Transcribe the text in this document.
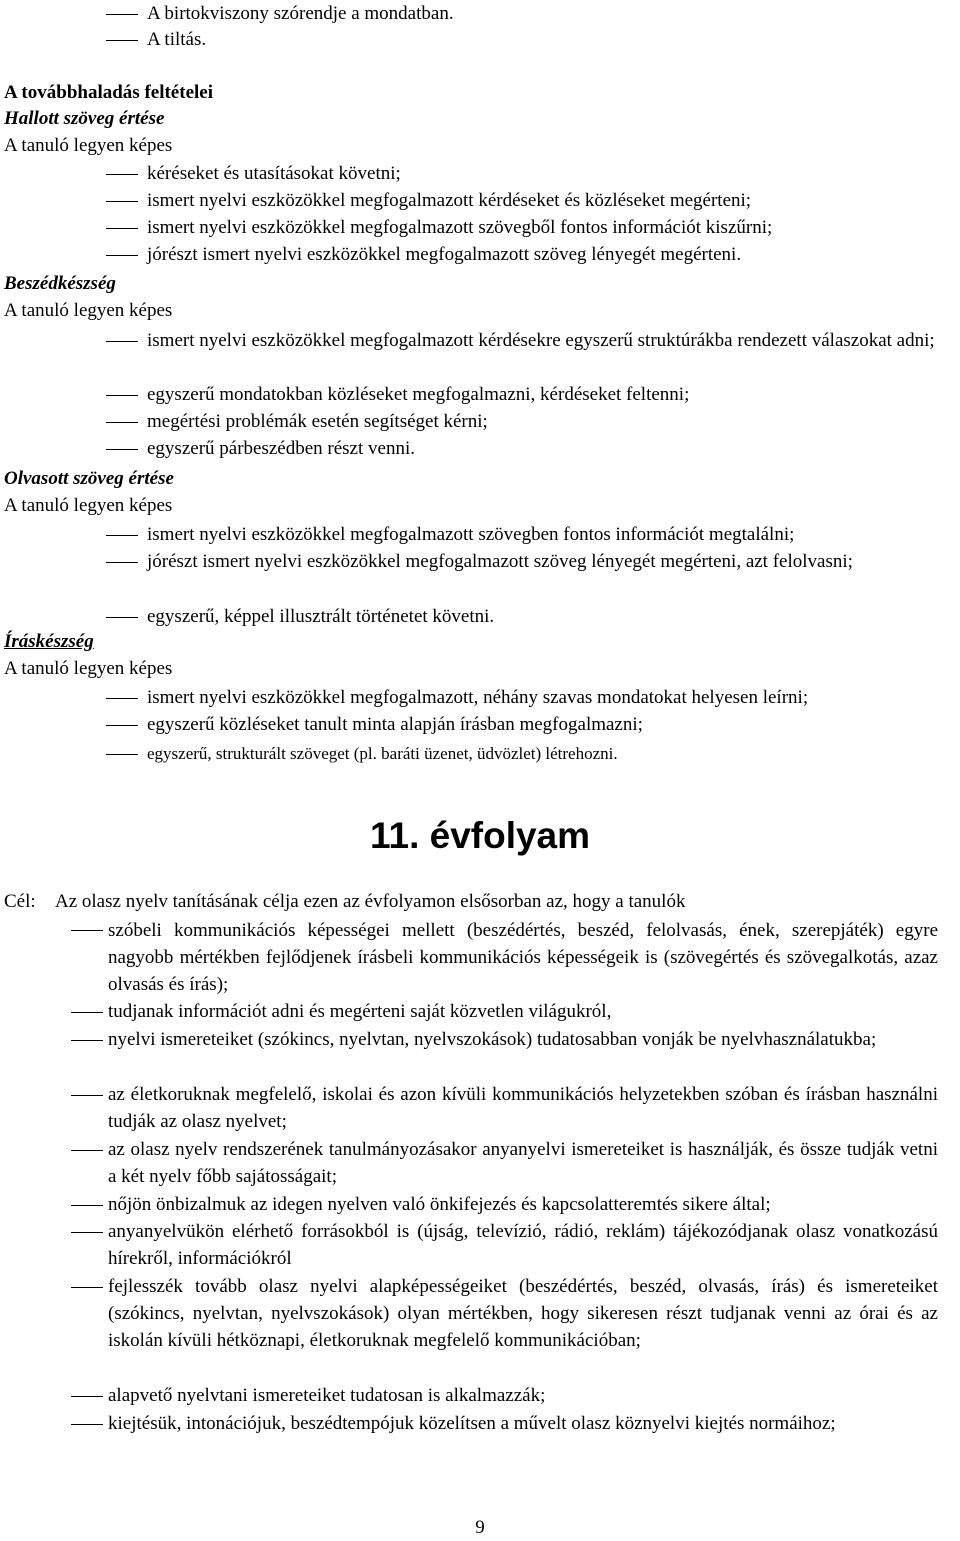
A birtokviszony szórendje a mondatban.
A tiltás.
A továbbhaladás feltételei
Hallott szöveg értése
A tanuló legyen képes
kéréseket és utasításokat követni;
ismert nyelvi eszközökkel megfogalmazott kérdéseket és közléseket megérteni;
ismert nyelvi eszközökkel megfogalmazott szövegből fontos információt kiszűrni;
jórészt ismert nyelvi eszközökkel megfogalmazott szöveg lényegét megérteni.
Beszédkészség
A tanuló legyen képes
ismert nyelvi eszközökkel megfogalmazott kérdésekre egyszerű struktúrákba rendezett válaszokat adni;
egyszerű mondatokban közléseket megfogalmazni, kérdéseket feltenni;
megértési problémák esetén segítséget kérni;
egyszerű párbeszédben részt venni.
Olvasott szöveg értése
A tanuló legyen képes
ismert nyelvi eszközökkel megfogalmazott szövegben fontos információt megtalálni;
jórészt ismert nyelvi eszközökkel megfogalmazott szöveg lényegét megérteni, azt felolvasni;
egyszerű, képpel illusztrált történetet követni.
Íráskészség
A tanuló legyen képes
ismert nyelvi eszközökkel megfogalmazott, néhány szavas mondatokat helyesen leírni;
egyszerű közléseket tanult minta alapján írásban megfogalmazni;
egyszerű, strukturált szöveget (pl. baráti üzenet, üdvözlet) létrehozni.
11. évfolyam
Cél: Az olasz nyelv tanításának célja ezen az évfolyamon elsősorban az, hogy a tanulók
szóbeli kommunikációs képességei mellett (beszédértés, beszéd, felolvasás, ének, szerepjáték) egyre nagyobb mértékben fejlődjenek írásbeli kommunikációs képességeik is (szövegértés és szövegalkotás, azaz olvasás és írás);
tudjanak információt adni és megérteni saját közvetlen világukról,
nyelvi ismereteiket (szókincs, nyelvtan, nyelvszokások) tudatosabban vonják be nyelvhasználatukba;
az életkoruknak megfelelő, iskolai és azon kívüli kommunikációs helyzetekben szóban és írásban használni tudják az olasz nyelvet;
az olasz nyelv rendszerének tanulmányozásakor anyanyelvi ismereteiket is használják, és össze tudják vetni a két nyelv főbb sajátosságait;
nőjön önbizalmuk az idegen nyelven való önkifejezés és kapcsolatteremtés sikere által;
anyanyelvükön elérhető forrásokból is (újság, televízió, rádió, reklám) tájékozódjanak olasz vonatkozású hírekről, információkról
fejlesszék tovább olasz nyelvi alapképességeiket (beszédértés, beszéd, olvasás, írás) és ismereteiket (szókincs, nyelvtan, nyelvszokások) olyan mértékben, hogy sikeresen részt tudjanak venni az órai és az iskolán kívüli hétköznapi, életkoruknak megfelelő kommunikációban;
alapvető nyelvtani ismereteiket tudatosan is alkalmazzák;
kiejtésük, intonációjuk, beszédtempójuk közelítsen a művelt olasz köznyelvi kiejtés normáihoz;
9
